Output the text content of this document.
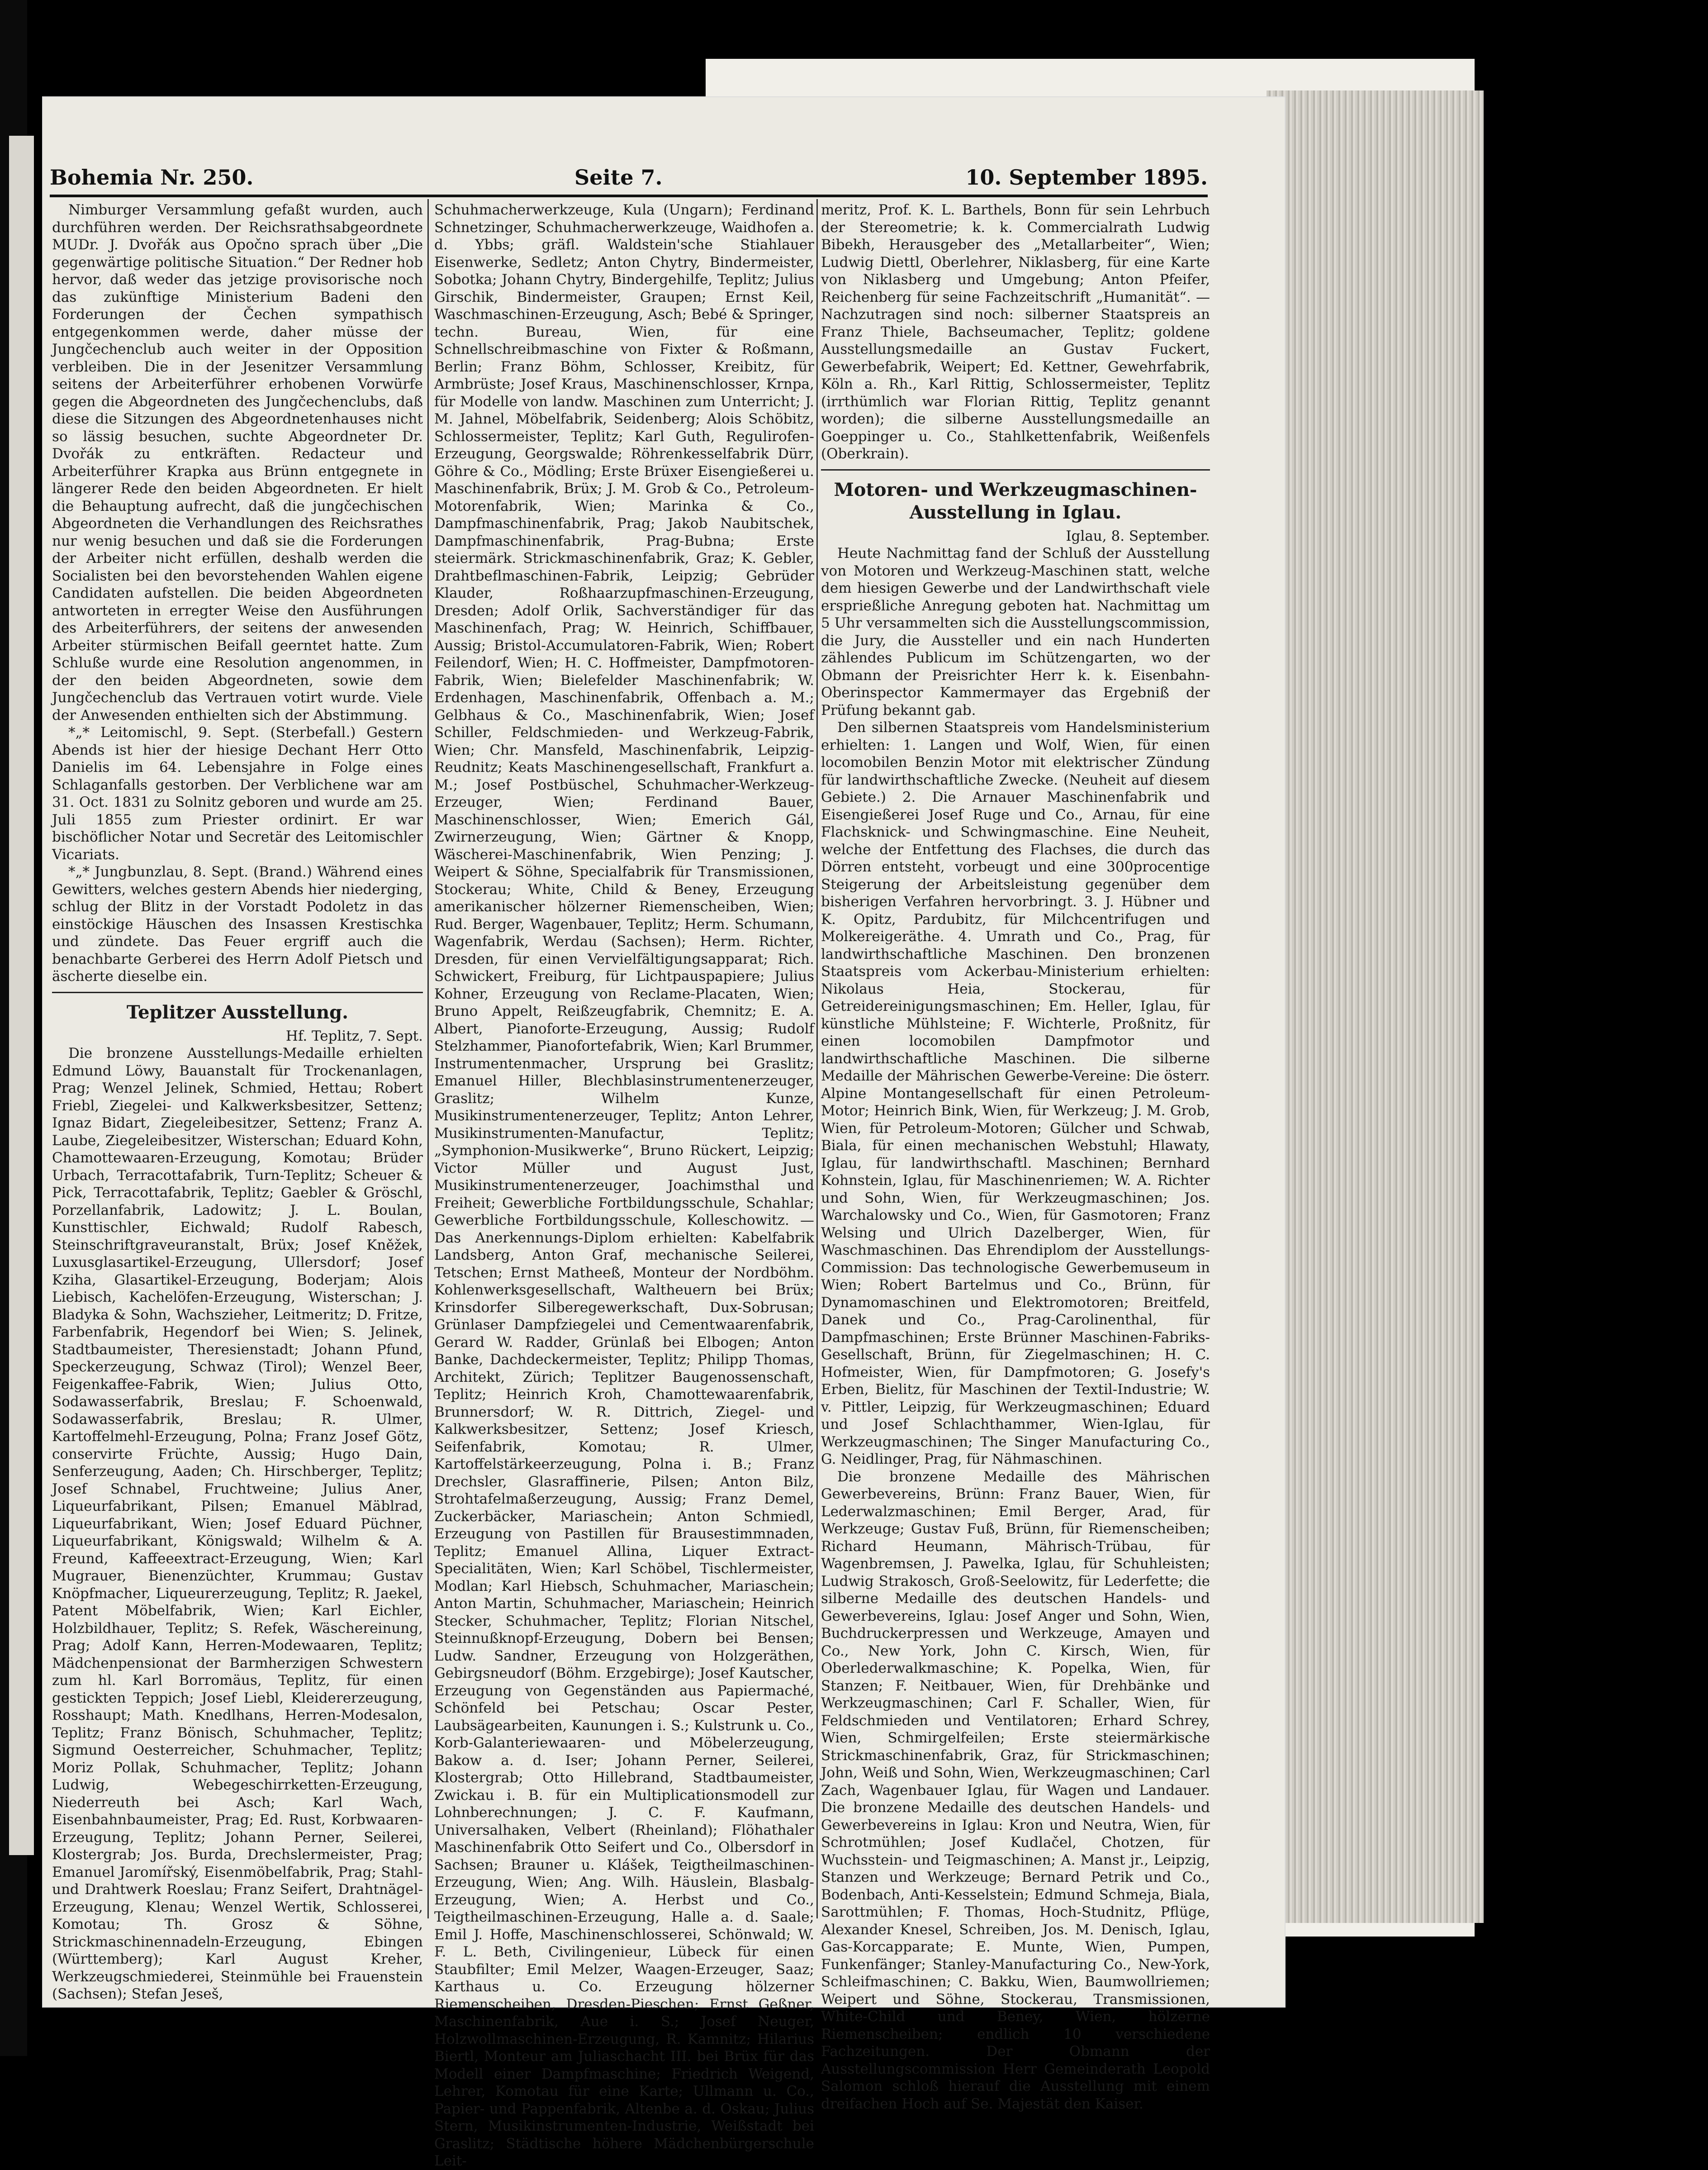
Bohemia Nr. 250.	Seite 7.	10. September 1895.

Nimburger Versammlung gefaßt wurden, auch durchführen werden. Der Reichsrathsabgeordnete MUDr. J. Dvořák aus Opočno sprach über „Die gegenwärtige politische Situation.“ Der Redner hob hervor, daß weder das jetzige provisorische noch das zukünftige Ministerium Badeni den Forderungen der Čechen sympathisch entgegenkommen werde, daher müsse der Jungčechenclub auch weiter in der Opposition verbleiben. Die in der Jesenitzer Versammlung seitens der Arbeiterführer erhobenen Vorwürfe gegen die Abgeordneten des Jungčechenclubs, daß diese die Sitzungen des Abgeordnetenhauses nicht so lässig besuchen, suchte Abgeordneter Dr. Dvořák zu entkräften. Redacteur und Arbeiterführer Krapka aus Brünn entgegnete in längerer Rede den beiden Abgeordneten. Er hielt die Behauptung aufrecht, daß die jungčechischen Abgeordneten die Verhandlungen des Reichsrathes nur wenig besuchen und daß sie die Forderungen der Arbeiter nicht erfüllen, deshalb werden die Socialisten bei den bevorstehenden Wahlen eigene Candidaten aufstellen. Die beiden Abgeordneten antworteten in erregter Weise den Ausführungen des Arbeiterführers, der seitens der anwesenden Arbeiter stürmischen Beifall geerntet hatte. Zum Schluße wurde eine Resolution angenommen, in der den beiden Abgeordneten, sowie dem Jungčechenclub das Vertrauen votirt wurde. Viele der Anwesenden enthielten sich der Abstimmung.

*„* Leitomischl, 9. Sept. (Sterbefall.) Gestern Abends ist hier der hiesige Dechant Herr Otto Danielis im 64. Lebensjahre in Folge eines Schlaganfalls gestorben. Der Verblichene war am 31. Oct. 1831 zu Solnitz geboren und wurde am 25. Juli 1855 zum Priester ordinirt. Er war bischöflicher Notar und Secretär des Leitomischler Vicariats.

*„* Jungbunzlau, 8. Sept. (Brand.) Während eines Gewitters, welches gestern Abends hier niederging, schlug der Blitz in der Vorstadt Podoletz in das einstöckige Häuschen des Insassen Krestischka und zündete. Das Feuer ergriff auch die benachbarte Gerberei des Herrn Adolf Pietsch und äscherte dieselbe ein.

Teplitzer Ausstellung.

Hf. Teplitz, 7. Sept.

Die bronzene Ausstellungs-Medaille erhielten Edmund Löwy, Bauanstalt für Trockenanlagen, Prag; Wenzel Jelinek, Schmied, Hettau; Robert Friebl, Ziegelei- und Kalkwerksbesitzer, Settenz; Ignaz Bidart, Ziegeleibesitzer, Settenz; Franz A. Laube, Ziegeleibesitzer, Wisterschan; Eduard Kohn, Chamottewaaren-Erzeugung, Komotau; Brüder Urbach, Terracottafabrik, Turn-Teplitz; Scheuer & Pick, Terracottafabrik, Teplitz; Gaebler & Gröschl, Porzellanfabrik, Ladowitz; J. L. Boulan, Kunsttischler, Eichwald; Rudolf Rabesch, Steinschriftgraveuranstalt, Brüx; Josef Kněžek, Luxusglasartikel-Erzeugung, Ullersdorf; Josef Kziha, Glasartikel-Erzeugung, Boderjam; Alois Liebisch, Kachelöfen-Erzeugung, Wisterschan; J. Bladyka & Sohn, Wachszieher, Leitmeritz; D. Fritze, Farbenfabrik, Hegendorf bei Wien; S. Jelinek, Stadtbaumeister, Theresienstadt; Johann Pfund, Speckerzeugung, Schwaz (Tirol); Wenzel Beer, Feigenkaffee-Fabrik, Wien; Julius Otto, Sodawasserfabrik, Breslau; F. Schoenwald, Sodawasserfabrik, Breslau; R. Ulmer, Kartoffelmehl-Erzeugung, Polna; Franz Josef Götz, conservirte Früchte, Aussig; Hugo Dain, Senferzeugung, Aaden; Ch. Hirschberger, Teplitz; Josef Schnabel, Fruchtweine; Julius Aner, Liqueurfabrikant, Pilsen; Emanuel Mäblrad, Liqueurfabrikant, Wien; Josef Eduard Püchner, Liqueurfabrikant, Königswald; Wilhelm & A. Freund, Kaffeeextract-Erzeugung, Wien; Karl Mugrauer, Bienenzüchter, Krummau; Gustav Knöpfmacher, Liqueurerzeugung, Teplitz; R. Jaekel, Patent Möbelfabrik, Wien; Karl Eichler, Holzbildhauer, Teplitz; S. Refek, Wäschereinung, Prag; Adolf Kann, Herren-Modewaaren, Teplitz; Mädchenpensionat der Barmherzigen Schwestern zum hl. Karl Borromäus, Teplitz, für einen gestickten Teppich; Josef Liebl, Kleidererzeugung, Rosshaupt; Math. Knedlhans, Herren-Modesalon, Teplitz; Franz Bönisch, Schuhmacher, Teplitz; Sigmund Oesterreicher, Schuhmacher, Teplitz; Moriz Pollak, Schuhmacher, Teplitz; Johann Ludwig, Webegeschirrketten-Erzeugung, Niederreuth bei Asch; Karl Wach, Eisenbahnbaumeister, Prag; Ed. Rust, Korbwaaren-Erzeugung, Teplitz; Johann Perner, Seilerei, Klostergrab; Jos. Burda, Drechslermeister, Prag; Emanuel Jaromířský, Eisenmöbelfabrik, Prag; Stahl- und Drahtwerk Roeslau; Franz Seifert, Drahtnägel-Erzeugung, Klenau; Wenzel Wertik, Schlosserei, Komotau; Th. Grosz & Söhne, Strickmaschinennadeln-Erzeugung, Ebingen (Württemberg); Karl August Kreher, Werkzeugschmiederei, Steinmühle bei Frauenstein (Sachsen); Stefan Jeseš,

Schuhmacherwerkzeuge, Kula (Ungarn); Ferdinand Schnetzinger, Schuhmacherwerkzeuge, Waidhofen a. d. Ybbs; gräfl. Waldstein'sche Stiahlauer Eisenwerke, Sedletz; Anton Chytry, Bindermeister, Sobotka; Johann Chytry, Bindergehilfe, Teplitz; Julius Girschik, Bindermeister, Graupen; Ernst Keil, Waschmaschinen-Erzeugung, Asch; Bebé & Springer, techn. Bureau, Wien, für eine Schnellschreibmaschine von Fixter & Roßmann, Berlin; Franz Böhm, Schlosser, Kreibitz, für Armbrüste; Josef Kraus, Maschinenschlosser, Krnpa, für Modelle von landw. Maschinen zum Unterricht; J. M. Jahnel, Möbelfabrik, Seidenberg; Alois Schöbitz, Schlossermeister, Teplitz; Karl Guth, Regulirofen-Erzeugung, Georgswalde; Röhrenkesselfabrik Dürr, Göhre & Co., Mödling; Erste Brüxer Eisengießerei u. Maschinenfabrik, Brüx; J. M. Grob & Co., Petroleum-Motorenfabrik, Wien; Marinka & Co., Dampfmaschinenfabrik, Prag; Jakob Naubitschek, Dampfmaschinenfabrik, Prag-Bubna; Erste steiermärk. Strickmaschinenfabrik, Graz; K. Gebler, Drahtbeflmaschinen-Fabrik, Leipzig; Gebrüder Klauder, Roßhaarzupfmaschinen-Erzeugung, Dresden; Adolf Orlik, Sachverständiger für das Maschinenfach, Prag; W. Heinrich, Schiffbauer, Aussig; Bristol-Accumulatoren-Fabrik, Wien; Robert Feilendorf, Wien; H. C. Hoffmeister, Dampfmotoren-Fabrik, Wien; Bielefelder Maschinenfabrik; W. Erdenhagen, Maschinenfabrik, Offenbach a. M.; Gelbhaus & Co., Maschinenfabrik, Wien; Josef Schiller, Feldschmieden- und Werkzeug-Fabrik, Wien; Chr. Mansfeld, Maschinenfabrik, Leipzig-Reudnitz; Keats Maschinengesellschaft, Frankfurt a. M.; Josef Postbüschel, Schuhmacher-Werkzeug-Erzeuger, Wien; Ferdinand Bauer, Maschinenschlosser, Wien; Emerich Gál, Zwirnerzeugung, Wien; Gärtner & Knopp, Wäscherei-Maschinenfabrik, Wien Penzing; J. Weipert & Söhne, Specialfabrik für Transmissionen, Stockerau; White, Child & Beney, Erzeugung amerikanischer hölzerner Riemenscheiben, Wien; Rud. Berger, Wagenbauer, Teplitz; Herm. Schumann, Wagenfabrik, Werdau (Sachsen); Herm. Richter, Dresden, für einen Vervielfältigungsapparat; Rich. Schwickert, Freiburg, für Lichtpauspapiere; Julius Kohner, Erzeugung von Reclame-Placaten, Wien; Bruno Appelt, Reißzeugfabrik, Chemnitz; E. A. Albert, Pianoforte-Erzeugung, Aussig; Rudolf Stelzhammer, Pianofortefabrik, Wien; Karl Brummer, Instrumentenmacher, Ursprung bei Graslitz; Emanuel Hiller, Blechblasinstrumentenerzeuger, Graslitz; Wilhelm Kunze, Musikinstrumentenerzeuger, Teplitz; Anton Lehrer, Musikinstrumenten-Manufactur, Teplitz; „Symphonion-Musikwerke“, Bruno Rückert, Leipzig; Victor Müller und August Just, Musikinstrumentenerzeuger, Joachimsthal und Freiheit; Gewerbliche Fortbildungsschule, Schahlar; Gewerbliche Fortbildungsschule, Kolleschowitz. — Das Anerkennungs-Diplom erhielten: Kabelfabrik Landsberg, Anton Graf, mechanische Seilerei, Tetschen; Ernst Matheeß, Monteur der Nordböhm. Kohlenwerksgesellschaft, Waltheuern bei Brüx; Krinsdorfer Silberegewerkschaft, Dux-Sobrusan; Grünlaser Dampfziegelei und Cementwaarenfabrik, Gerard W. Radder, Grünlaß bei Elbogen; Anton Banke, Dachdeckermeister, Teplitz; Philipp Thomas, Architekt, Zürich; Teplitzer Baugenossenschaft, Teplitz; Heinrich Kroh, Chamottewaarenfabrik, Brunnersdorf; W. R. Dittrich, Ziegel- und Kalkwerksbesitzer, Settenz; Josef Kriesch, Seifenfabrik, Komotau; R. Ulmer, Kartoffelstärkeerzeugung, Polna i. B.; Franz Drechsler, Glasraffinerie, Pilsen; Anton Bilz, Strohtafelmaßerzeugung, Aussig; Franz Demel, Zuckerbäcker, Mariaschein; Anton Schmiedl, Erzeugung von Pastillen für Brausestimmnaden, Teplitz; Emanuel Allina, Liquer Extract-Specialitäten, Wien; Karl Schöbel, Tischlermeister, Modlan; Karl Hiebsch, Schuhmacher, Mariaschein; Anton Martin, Schuhmacher, Mariaschein; Heinrich Stecker, Schuhmacher, Teplitz; Florian Nitschel, Steinnußknopf-Erzeugung, Dobern bei Bensen; Ludw. Sandner, Erzeugung von Holzgeräthen, Gebirgsneudorf (Böhm. Erzgebirge); Josef Kautscher, Erzeugung von Gegenständen aus Papiermaché, Schönfeld bei Petschau; Oscar Pester, Laubsägearbeiten, Kaunungen i. S.; Kulstrunk u. Co., Korb-Galanteriewaaren- und Möbelerzeugung, Bakow a. d. Iser; Johann Perner, Seilerei, Klostergrab; Otto Hillebrand, Stadtbaumeister, Zwickau i. B. für ein Multiplicationsmodell zur Lohnberechnungen; J. C. F. Kaufmann, Universalhaken, Velbert (Rheinland); Flöhathaler Maschinenfabrik Otto Seifert und Co., Olbersdorf in Sachsen; Brauner u. Klášek, Teigtheilmaschinen-Erzeugung, Wien; Ang. Wilh. Häuslein, Blasbalg-Erzeugung, Wien; A. Herbst und Co., Teigtheilmaschinen-Erzeugung, Halle a. d. Saale; Emil J. Hoffe, Maschinenschlosserei, Schönwald; W. F. L. Beth, Civilingenieur, Lübeck für einen Staubfilter; Emil Melzer, Waagen-Erzeuger, Saaz; Karthaus u. Co. Erzeugung hölzerner Riemenscheiben, Dresden-Pieschen; Ernst Geßner, Maschinenfabrik, Aue i. S.; Josef Neuger, Holzwollmaschinen-Erzeugung, R. Kamnitz; Hilarius Biertl, Monteur am Juliaschacht III. bei Brüx für das Modell einer Dampfmaschine; Friedrich Weigend, Lehrer, Komotau für eine Karte; Ullmann u. Co., Papier- und Pappenfabrik, Altenbe a. d. Oskau; Julius Stern, Musikinstrumenten-Industrie, Weißstadt bei Graslitz; Städtische höhere Mädchenbürgerschule Leit-

meritz, Prof. K. L. Barthels, Bonn für sein Lehrbuch der Stereometrie; k. k. Commercialrath Ludwig Bibekh, Herausgeber des „Metallarbeiter“, Wien; Ludwig Diettl, Oberlehrer, Niklasberg, für eine Karte von Niklasberg und Umgebung; Anton Pfeifer, Reichenberg für seine Fachzeitschrift „Humanität“. — Nachzutragen sind noch: silberner Staatspreis an Franz Thiele, Bachseumacher, Teplitz; goldene Ausstellungsmedaille an Gustav Fuckert, Gewerbefabrik, Weipert; Ed. Kettner, Gewehrfabrik, Köln a. Rh., Karl Rittig, Schlossermeister, Teplitz (irrthümlich war Florian Rittig, Teplitz genannt worden); die silberne Ausstellungsmedaille an Goeppinger u. Co., Stahlkettenfabrik, Weißenfels (Oberkrain).

Motoren- und Werkzeugmaschinen-
Ausstellung in Iglau.

Iglau, 8. September.

Heute Nachmittag fand der Schluß der Ausstellung von Motoren und Werkzeug-Maschinen statt, welche dem hiesigen Gewerbe und der Landwirthschaft viele ersprießliche Anregung geboten hat. Nachmittag um 5 Uhr versammelten sich die Ausstellungscommission, die Jury, die Aussteller und ein nach Hunderten zählendes Publicum im Schützengarten, wo der Obmann der Preisrichter Herr k. k. Eisenbahn-Oberinspector Kammermayer das Ergebniß der Prüfung bekannt gab.

Den silbernen Staatspreis vom Handelsministerium erhielten: 1. Langen und Wolf, Wien, für einen locomobilen Benzin Motor mit elektrischer Zündung für landwirthschaftliche Zwecke. (Neuheit auf diesem Gebiete.) 2. Die Arnauer Maschinenfabrik und Eisengießerei Josef Ruge und Co., Arnau, für eine Flachsknick- und Schwingmaschine. Eine Neuheit, welche der Entfettung des Flachses, die durch das Dörren entsteht, vorbeugt und eine 300procentige Steigerung der Arbeitsleistung gegenüber dem bisherigen Verfahren hervorbringt. 3. J. Hübner und K. Opitz, Pardubitz, für Milchcentrifugen und Molkereigeräthe. 4. Umrath und Co., Prag, für landwirthschaftliche Maschinen. Den bronzenen Staatspreis vom Ackerbau-Ministerium erhielten: Nikolaus Heia, Stockerau, für Getreidereinigungsmaschinen; Em. Heller, Iglau, für künstliche Mühlsteine; F. Wichterle, Proßnitz, für einen locomobilen Dampfmotor und landwirthschaftliche Maschinen. Die silberne Medaille der Mährischen Gewerbe-Vereine: Die österr. Alpine Montangesellschaft für einen Petroleum-Motor; Heinrich Bink, Wien, für Werkzeug; J. M. Grob, Wien, für Petroleum-Motoren; Gülcher und Schwab, Biala, für einen mechanischen Webstuhl; Hlawaty, Iglau, für landwirthschaftl. Maschinen; Bernhard Kohnstein, Iglau, für Maschinenriemen; W. A. Richter und Sohn, Wien, für Werkzeugmaschinen; Jos. Warchalowsky und Co., Wien, für Gasmotoren; Franz Welsing und Ulrich Dazelberger, Wien, für Waschmaschinen. Das Ehrendiplom der Ausstellungs-Commission: Das technologische Gewerbemuseum in Wien; Robert Bartelmus und Co., Brünn, für Dynamomaschinen und Elektromotoren; Breitfeld, Danek und Co., Prag-Carolinenthal, für Dampfmaschinen; Erste Brünner Maschinen-Fabriks-Gesellschaft, Brünn, für Ziegelmaschinen; H. C. Hofmeister, Wien, für Dampfmotoren; G. Josefy's Erben, Bielitz, für Maschinen der Textil-Industrie; W. v. Pittler, Leipzig, für Werkzeugmaschinen; Eduard und Josef Schlachthammer, Wien-Iglau, für Werkzeugmaschinen; The Singer Manufacturing Co., G. Neidlinger, Prag, für Nähmaschinen.

Die bronzene Medaille des Mährischen Gewerbevereins, Brünn: Franz Bauer, Wien, für Lederwalzmaschinen; Emil Berger, Arad, für Werkzeuge; Gustav Fuß, Brünn, für Riemenscheiben; Richard Heumann, Mährisch-Trübau, für Wagenbremsen, J. Pawelka, Iglau, für Schuhleisten; Ludwig Strakosch, Groß-Seelowitz, für Lederfette; die silberne Medaille des deutschen Handels- und Gewerbevereins, Iglau: Josef Anger und Sohn, Wien, Buchdruckerpressen und Werkzeuge, Amayen und Co., New York, John C. Kirsch, Wien, für Oberlederwalkmaschine; K. Popelka, Wien, für Stanzen; F. Neitbauer, Wien, für Drehbänke und Werkzeugmaschinen; Carl F. Schaller, Wien, für Feldschmieden und Ventilatoren; Erhard Schrey, Wien, Schmirgelfeilen; Erste steiermärkische Strickmaschinenfabrik, Graz, für Strickmaschinen; John, Weiß und Sohn, Wien, Werkzeugmaschinen; Carl Zach, Wagenbauer Iglau, für Wagen und Landauer. Die bronzene Medaille des deutschen Handels- und Gewerbevereins in Iglau: Kron und Neutra, Wien, für Schrotmühlen; Josef Kudlačel, Chotzen, für Wuchsstein- und Teigmaschinen; A. Manst jr., Leipzig, Stanzen und Werkzeuge; Bernard Petrik und Co., Bodenbach, Anti-Kesselstein; Edmund Schmeja, Biala, Sarottmühlen; F. Thomas, Hoch-Studnitz, Pflüge, Alexander Knesel, Schreiben, Jos. M. Denisch, Iglau, Gas-Korcapparate; E. Munte, Wien, Pumpen, Funkenfänger; Stanley-Manufacturing Co., New-York, Schleifmaschinen; C. Bakku, Wien, Baumwollriemen; Weipert und Söhne, Stockerau, Transmissionen, White-Child und Beney, Wien, hölzerne Riemenscheiben; endlich 10 verschiedene Fachzeitungen. Der Obmann der Ausstellungscommission Herr Gemeinderath Leopold Salomon schloß hierauf die Ausstellung mit einem dreifachen Hoch auf Se. Majestät den Kaiser.
